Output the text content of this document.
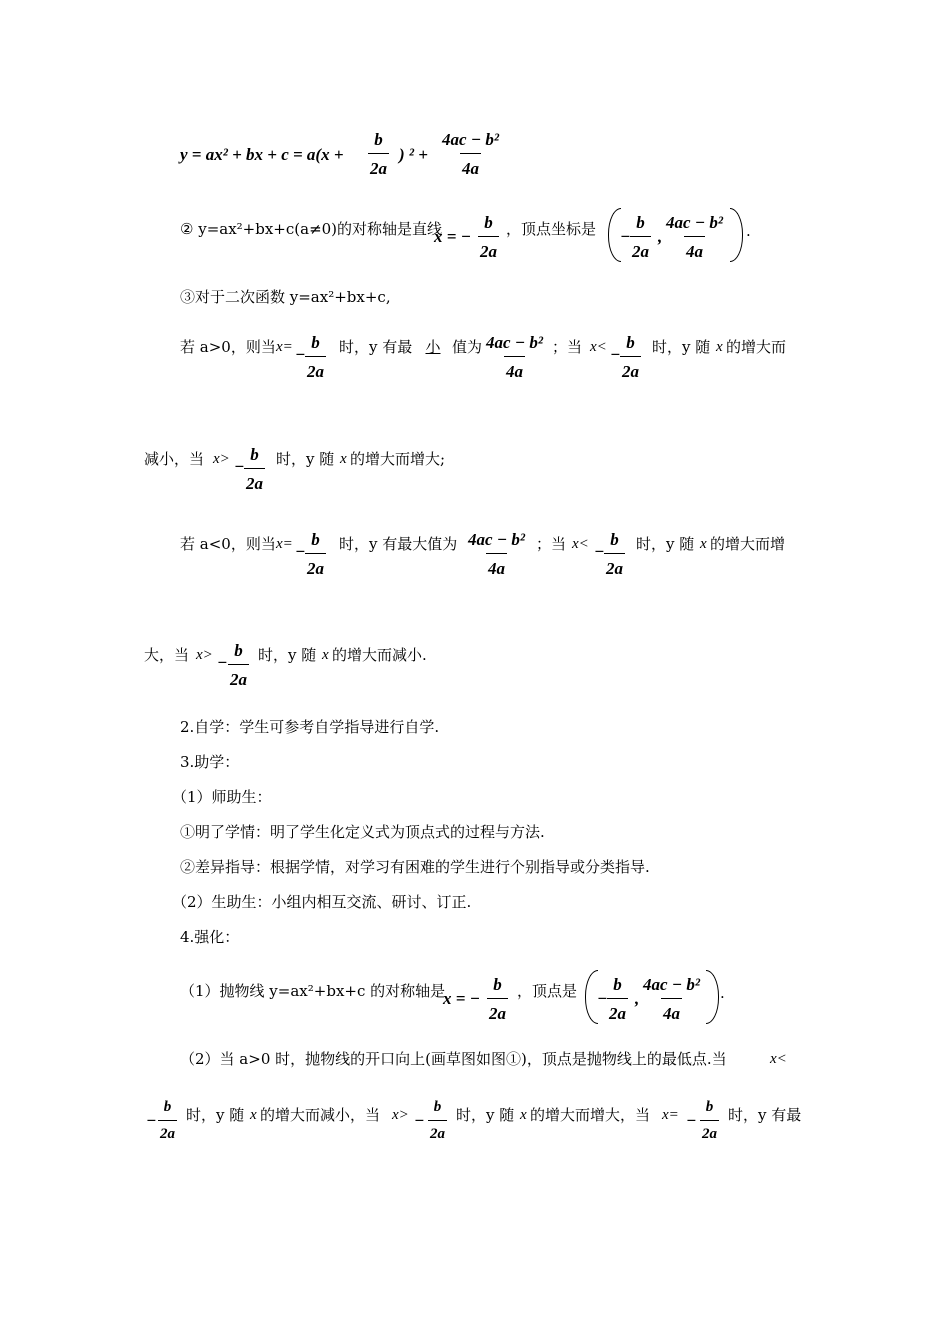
y = ax² + bx + $c = a(x + \frac{b}{2a}$ ) $^2 + \frac{\text{4ac − b²}}{4a}$
② y=ax²+bx+c(a≠0)的对称轴是直线
x = − $\frac{b}{2a}$ ，顶点坐标是 − $\frac{b}{2a}$ , $\frac{\text{4ac − b²}}{4a}$ .
③对于二次函数 y=ax²+bx+c,
若 a>0，则当 $x= - \frac{b}{2a}$ 时，y 有最 小 值为 $\frac{\text{4ac − b²}}{4a}$ ；当 $x< - \frac{b}{2a}$ 时，y 随 x 的增大而
减小，当 $x> - \frac{b}{2a}$ 时，y 随 x 的增大而增大;
若 a<0，则当 $x= - \frac{b}{2a}$ 时，y 有最大值为 $\frac{\text{4ac − b²}}{4a}$ ；当 $x< - \frac{b}{2a}$ 时，y 随 x 的增大而增
大，当 $x> - \frac{b}{2a}$ 时，y 随 x 的增大而减小.
2.自学：学生可参考自学指导进行自学.
3.助学：
（1）师助生：
①明了学情：明了学生化定义式为顶点式的过程与方法.
②差异指导：根据学情，对学习有困难的学生进行个别指导或分类指导.
（2）生助生：小组内相互交流、研讨、订正.
4.强化：
（1）抛物线 y=ax²+bx+c 的对称轴是
x = − $\frac{b}{2a}$ ，顶点是 − $\frac{b}{2a}$ , $\frac{\text{4ac − b²}}{4a}$ .
（2）当 a>0 时，抛物线的开口向上(画草图如图①)，顶点是抛物线上的最低点.当	x<
− $\frac{b}{2a}$ 时，y 随 x 的增大而减小，当 $x> - \frac{b}{2a}$ 时，y 随 x 的增大而增大，当 $x= - \frac{b}{2a}$ 时，y 有最
